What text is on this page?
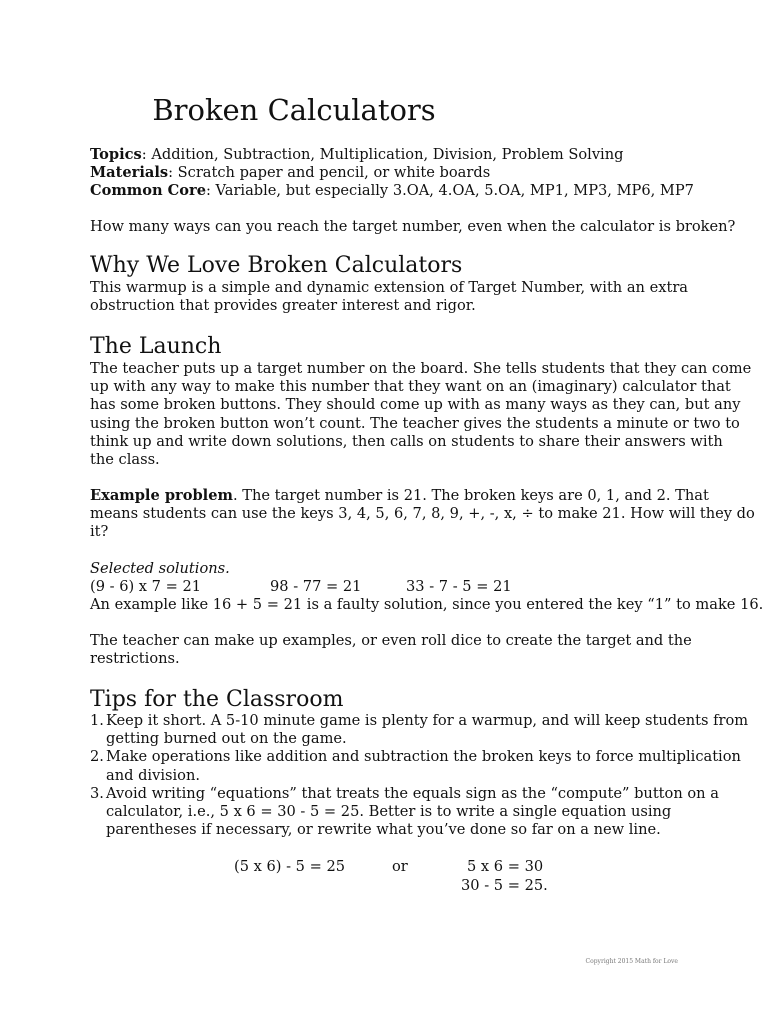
Broken Calculators
Topics: Addition, Subtraction, Multiplication, Division, Problem Solving
Materials: Scratch paper and pencil, or white boards
Common Core: Variable, but especially 3.OA, 4.OA, 5.OA, MP1, MP3, MP6, MP7
How many ways can you reach the target number, even when the calculator is broken?
Why We Love Broken Calculators

This warmup is a simple and dynamic extension of Target Number, with an extra
obstruction that provides greater interest and rigor.

The Launch

The teacher puts up a target number on the board. She tells students that they can come
up with any way to make this number that they want on an (imaginary) calculator that
has some broken buttons. They should come up with as many ways as they can, but any
using the broken button won’t count. The teacher gives the students a minute or two to
think up and write down solutions, then calls on students to share their answers with
the class.

Example problem. The target number is 21. The broken keys are 0, 1, and 2. That
means students can use the keys 3, 4, 5, 6, 7, 8, 9, +, -, x, ÷ to make 21. How will they do
it?

Selected solutions.

(9 - 6) x 7 = 21	98 - 77 = 21	33 - 7 - 5 = 21

An example like 16 + 5 = 21 is a faulty solution, since you entered the key “1” to make 16.

The teacher can make up examples, or even roll dice to create the target and the
restrictions.

Tips for the Classroom
1. Keep it short. A 5-10 minute game is plenty for a warmup, and will keep students from
getting burned out on the game.
2. Make operations like addition and subtraction the broken keys to force multiplication
and division.
3. Avoid writing “equations” that treats the equals sign as the “compute” button on a
calculator, i.e., 5 x 6 = 30 - 5 = 25. Better is to write a single equation using
parentheses if necessary, or rewrite what you’ve done so far on a new line.
(5 x 6) - 5 = 25	or	5 x 6 = 30
30 - 5 = 25.
Copyright 2015 Math for Love
